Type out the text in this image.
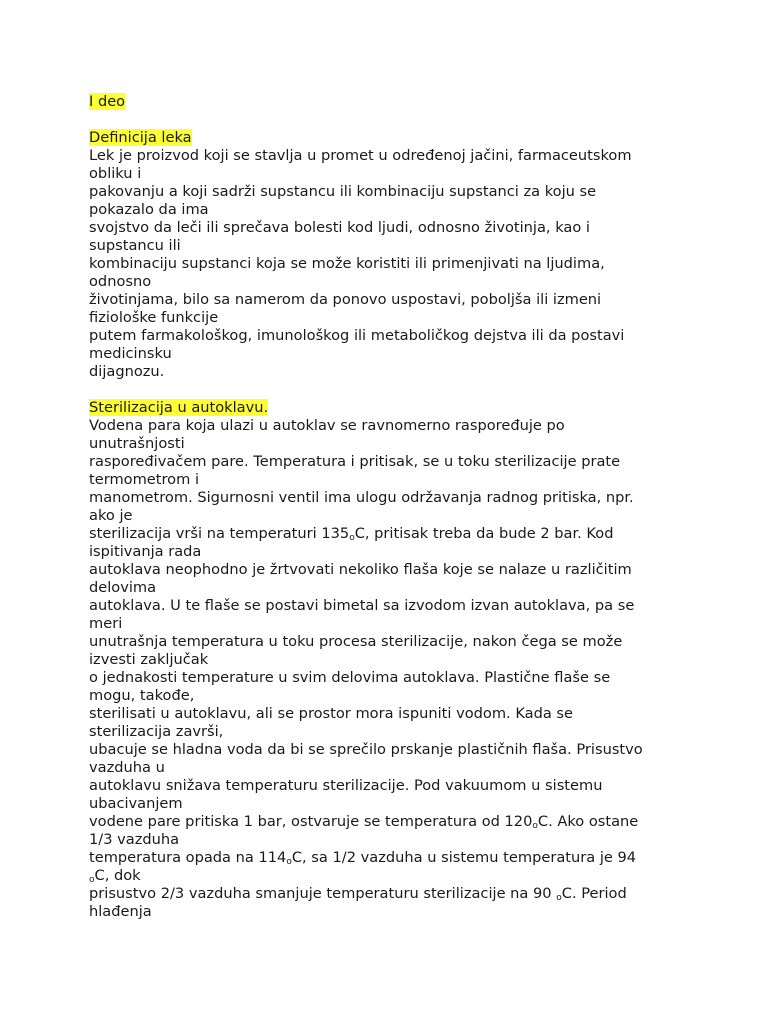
I deo
Definicija leka
Lek je proizvod koji se stavlja u promet u određenoj jačini, farmaceutskom
obliku i
pakovanju a koji sadrži supstancu ili kombinaciju supstanci za koju se
pokazalo da ima
svojstvo da leči ili sprečava bolesti kod ljudi, odnosno životinja, kao i
supstancu ili
kombinaciju supstanci koja se može koristiti ili primenjivati na ljudima,
odnosno
životinjama, bilo sa namerom da ponovo uspostavi, poboljša ili izmeni
fiziološke funkcije
putem farmakološkog, imunološkog ili metaboličkog dejstva ili da postavi
medicinsku
dijagnozu.
Sterilizacija u autoklavu.
Vodena para koja ulazi u autoklav se ravnomerno raspoređuje po
unutrašnjosti
raspoređivačem pare. Temperatura i pritisak, se u toku sterilizacije prate
termometrom i
manometrom. Sigurnosni ventil ima ulogu održavanja radnog pritiska, npr.
ako je
sterilizacija vrši na temperaturi $135_oC$, pritisak treba da bude 2 bar. Kod
ispitivanja rada
autoklava neophodno je žrtvovati nekoliko flaša koje se nalaze u različitim
delovima
autoklava. U te flaše se postavi bimetal sa izvodom izvan autoklava, pa se
meri
unutrašnja temperatura u toku procesa sterilizacije, nakon čega se može
izvesti zaključak
o jednakosti temperature u svim delovima autoklava. Plastične flaše se
mogu, takođe,
sterilisati u autoklavu, ali se prostor mora ispuniti vodom. Kada se
sterilizacija završi,
ubacuje se hladna voda da bi se sprečilo prskanje plastičnih flaša. Prisustvo
vazduha u
autoklavu snižava temperaturu sterilizacije. Pod vakuumom u sistemu
ubacivanjem
vodene pare pritiska 1 bar, ostvaruje se temperatura od $120_oC$. Ako ostane
1/3 vazduha
temperatura opada na $114_oC$, sa 1/2 vazduha u sistemu temperatura je 94
$_o$C, dok
prisustvo 2/3 vazduha smanjuje temperaturu sterilizacije na 90 $_o$C. Period
hlađenja
